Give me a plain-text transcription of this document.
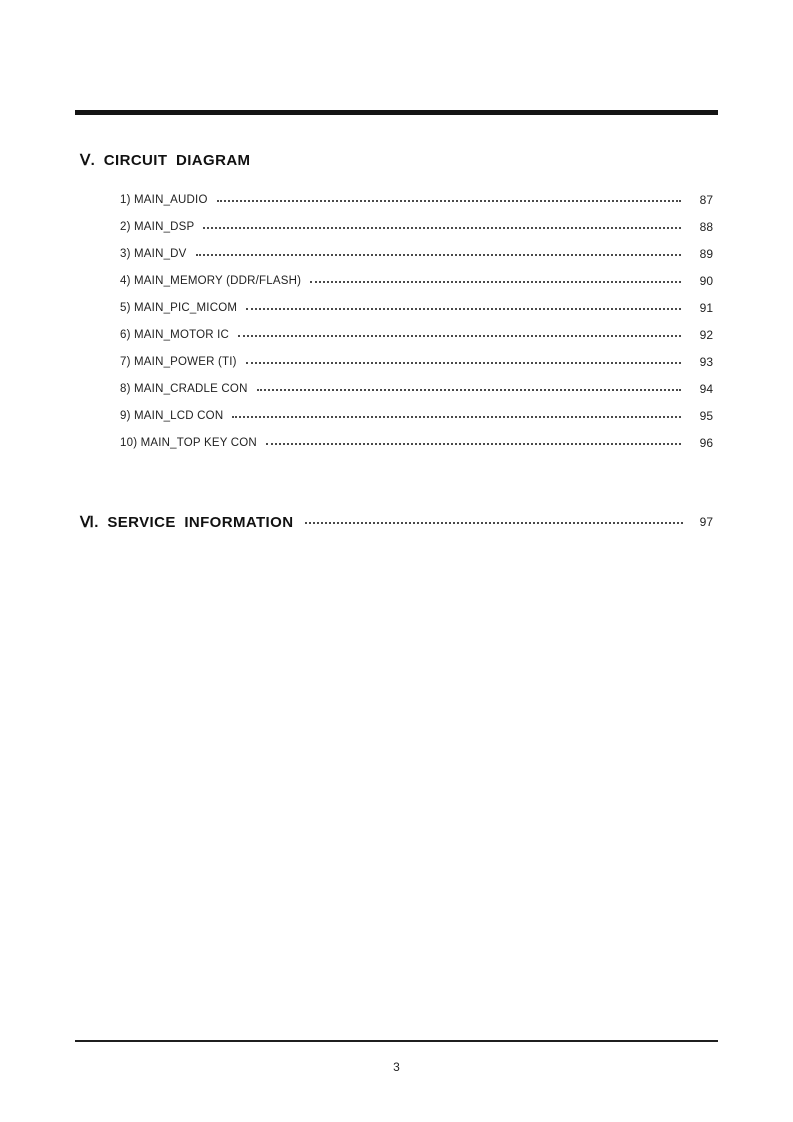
Ⅴ. CIRCUIT DIAGRAM
1) MAIN_AUDIO	87
2) MAIN_DSP	88
3) MAIN_DV	89
4) MAIN_MEMORY (DDR/FLASH)	90
5) MAIN_PIC_MICOM	91
6) MAIN_MOTOR IC	92
7) MAIN_POWER (TI)	93
8) MAIN_CRADLE CON	94
9) MAIN_LCD CON	95
10) MAIN_TOP KEY CON	96
Ⅵ. SERVICE INFORMATION	97
3
